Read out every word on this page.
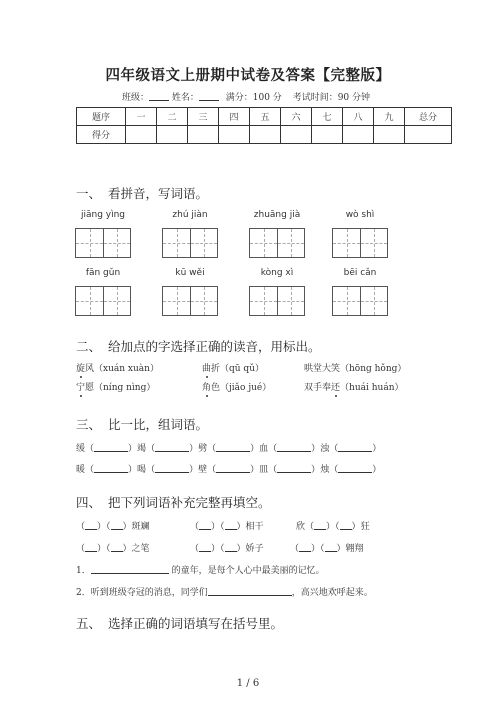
四年级语文上册期中试卷及答案【完整版】
班级：	姓名：	满分：100 分 考试时间：90 分钟
题序	一	二	三	四	五	六	七	八	九	总分
得分										
一、 看拼音，写词语。
jiāng yìng	zhú jiàn	zhuāng jià	wò shì
fān gǔn	kū wěi	kòng xì	bēi cǎn
二、 给加点的字选择正确的读音，用标出。
旋风（xuán xuàn）	曲折（qū qǔ）	哄堂大笑（hōng hǒng）
宁愿（níng nìng）	角色（jiǎo jué）	双手奉还（huái huán）
三、 比一比，组词语。
缓（	）竭（	）劈（	）血（	）浊（	）
暖（	）喝（	）壁（	）皿（	）烛（	）
四、 把下列词语补充完整再填空。
（ ）（ ）斑斓	（ ）（ ）相干	欣（ ）（ ）狂
（ ）（ ）之笔	（ ）（ ）娇子	（ ）（ ）翱翔
1．	的童年，是每个人心中最美丽的记忆。
2．听到班级夺冠的消息，同学们	，高兴地欢呼起来。
五、 选择正确的词语填写在括号里。
1 / 6
